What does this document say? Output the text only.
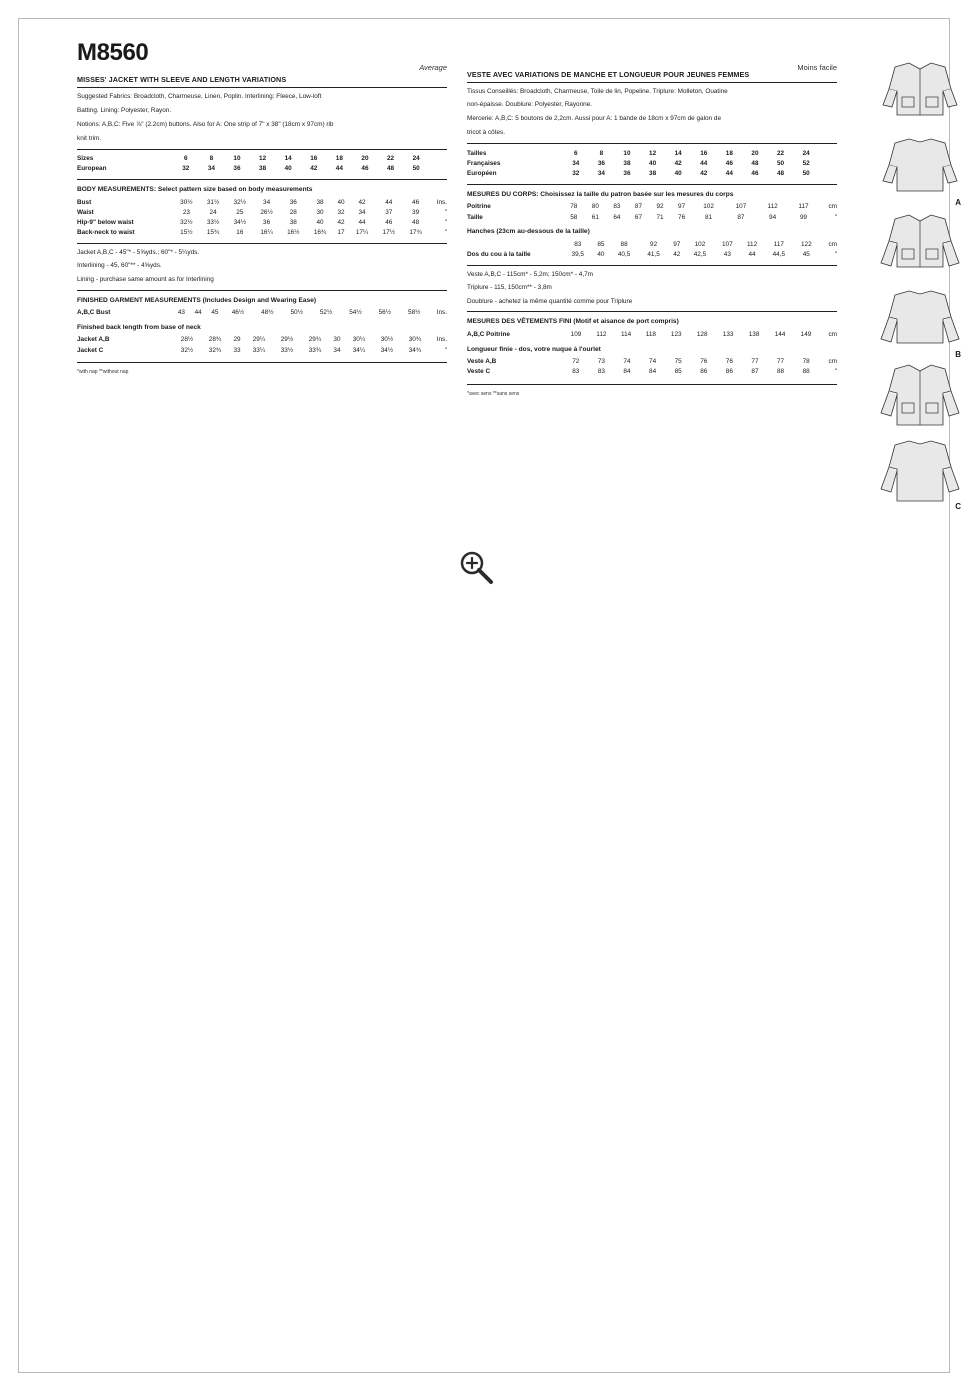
M8560
Average
MISSES' JACKET WITH SLEEVE AND LENGTH VARIATIONS
Suggested Fabrics: Broadcloth, Charmeuse, Linen, Poplin. Interlining: Fleece, Low-loft
Batting. Lining: Polyester, Rayon.
Notions: A,B,C: Five ⅞" (2.2cm) buttons. Also for A: One strip of 7" x 38" (18cm x 97cm) rib
knit trim.
Sizes	6	8	10	12	14	16	18	20	22	24	
European	32	34	36	38	40	42	44	46	48	50	
BODY MEASUREMENTS: Select pattern size based on body measurements
Bust	30½	31½	32½	34	36	38	40	42	44	46	Ins.
Waist	23	24	25	26½	28	30	32	34	37	39	"
Hip-9" below waist	32½	33½	34½	36	38	40	42	44	46	48	"
Back-neck to waist	15½	15¾	16	16¼	16½	16¾	17	17¼	17½	17¾	"
Jacket A,B,C - 45"* - 5⅝yds.; 60"* - 5¼yds.
Interlining - 45, 60"** - 4⅝yds.
Lining - purchase same amount as for Interlining
FINISHED GARMENT MEASUREMENTS (Includes Design and Wearing Ease)
A,B,C Bust	43	44	45	46½	48½	50½	52½	54½	56½	58½	Ins.
Finished back length from base of neck
Jacket A,B	28½	28¾	29	29¼	29½	29¾	30	30¼	30½	30¾	Ins.
Jacket C	32½	32¾	33	33¼	33½	33¾	34	34¼	34½	34¾	"
*with nap **without nap
Moins facile
VESTE AVEC VARIATIONS DE MANCHE ET LONGUEUR POUR JEUNES FEMMES
Tissus Conseillés: Broadcloth, Charmeuse, Toile de lin, Popeline. Triplure: Molleton, Ouatine
non-épaisse. Doublure: Polyester, Rayonne.
Mercerie: A,B,C: 5 boutons de 2,2cm. Aussi pour A: 1 bande de 18cm x 97cm de galon de
tricot à côtes.
Tailles	6	8	10	12	14	16	18	20	22	24	
Françaises	34	36	38	40	42	44	46	48	50	52	
Européen	32	34	36	38	40	42	44	46	48	50	
MESURES DU CORPS: Choisissez la taille du patron basée sur les mesures du corps
Poitrine	78	80	83	87	92	97	102	107	112	117	cm
Taille	58	61	64	67	71	76	81	87	94	99	"
Hanches (23cm au-dessous de la taille)
	83	85	88	92	97	102	107	112	117	122	cm
Dos du cou à la taille	39,5	40	40,5	41,5	42	42,5	43	44	44,5	45	"
Veste A,B,C - 115cm* - 5,2m; 150cm* - 4,7m
Triplure - 115, 150cm** - 3,8m
Doublure - achetez la même quantité comme pour Triplure
MESURES DES VÊTEMENTS FINI (Motif et aisance de port compris)
A,B,C Poitrine	109	112	114	118	123	128	133	138	144	149	cm
Longueur finie - dos, votre nuque à l'ourlet
Veste A,B	72	73	74	74	75	76	76	77	77	78	cm
Veste C	83	83	84	84	85	86	86	87	88	88	"
*avec sens **sans sens
A
B
C
